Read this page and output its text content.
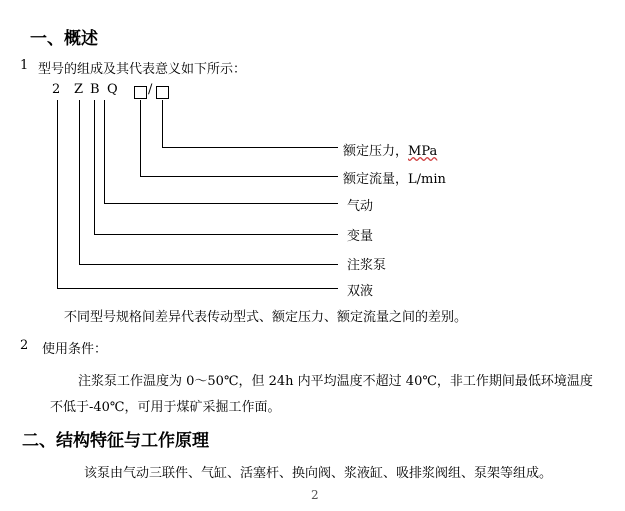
一、概述
1 型号的组成及其代表意义如下所示：
2 Z B Q /
额定压力，MPa
额定流量，L/min
气动
变量
注浆泵
双液
不同型号规格间差异代表传动型式、额定压力、额定流量之间的差别。
2 使用条件：
注浆泵工作温度为 0～50℃，但 24h 内平均温度不超过 40℃，非工作期间最低环境温度
不低于-40℃，可用于煤矿采掘工作面。
二、结构特征与工作原理
该泵由气动三联件、气缸、活塞杆、换向阀、浆液缸、吸排浆阀组、泵架等组成。
2
